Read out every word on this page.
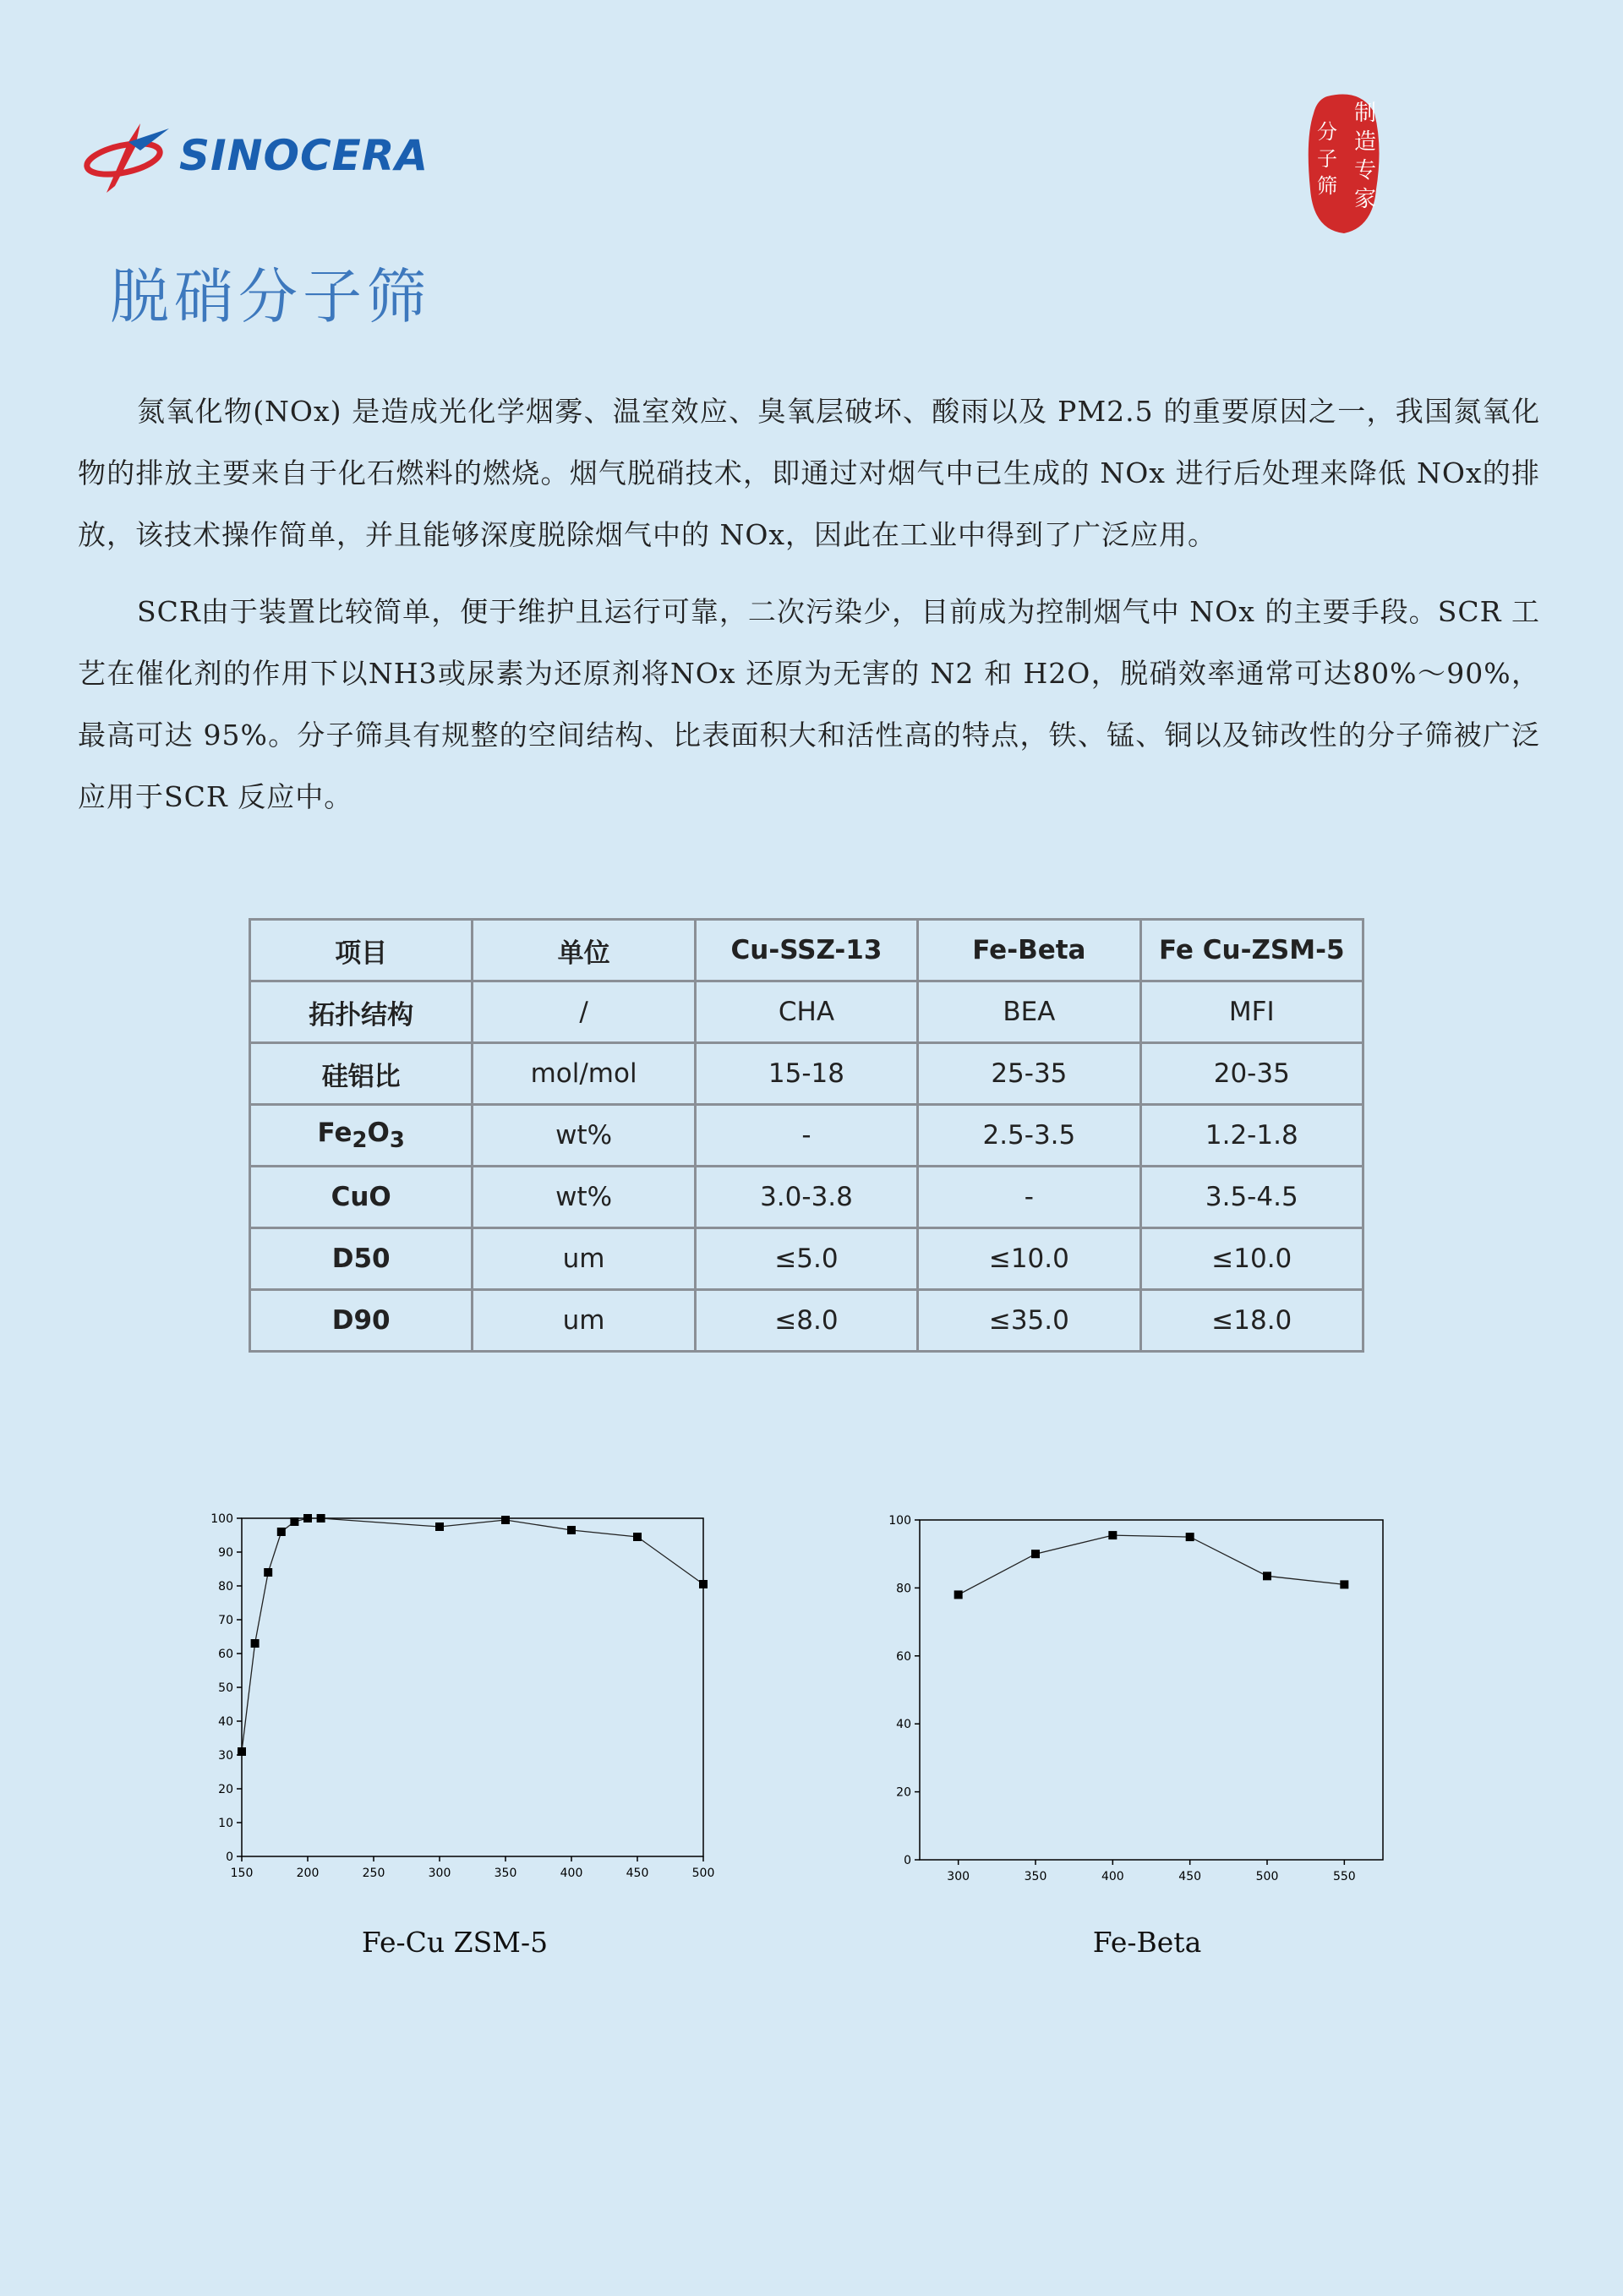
SINOCERA
制
造
专
家
分
子
筛
脱硝分子筛

氮氧化物(NOx) 是造成光化学烟雾、温室效应、臭氧层破坏、酸雨以及 PM2.5 的重要原因之一，我国氮氧化物的排放主要来自于化石燃料的燃烧。烟气脱硝技术，即通过对烟气中已生成的 NOx 进行后处理来降低 NOx的排放，该技术操作简单，并且能够深度脱除烟气中的 NOx，因此在工业中得到了广泛应用。

SCR由于装置比较简单，便于维护且运行可靠，二次污染少，目前成为控制烟气中 NOx 的主要手段。SCR 工艺在催化剂的作用下以NH3或尿素为还原剂将NOx 还原为无害的 N2 和 H2O，脱硝效率通常可达80%～90%，最高可达 95%。分子筛具有规整的空间结构、比表面积大和活性高的特点，铁、锰、铜以及铈改性的分子筛被广泛应用于SCR 反应中。

项目	单位	Cu-SSZ-13	Fe-Beta	Fe Cu-ZSM-5
拓扑结构	/	CHA	BEA	MFI
硅铝比	mol/mol	15-18	25-35	20-35
$Fe_2O_3$	wt%	-	2.5-3.5	1.2-1.8
CuO	wt%	3.0-3.8	-	3.5-4.5
D50	um	≤5.0	≤10.0	≤10.0
D90	um	≤8.0	≤35.0	≤18.0
0
10
20
30
40
50
60
70
80
90
100
150	200	250	300	350	400	450	500
Fe-Cu ZSM-5
0
20
40
60
80
100
300	350	400	450	500	550
Fe-Beta
